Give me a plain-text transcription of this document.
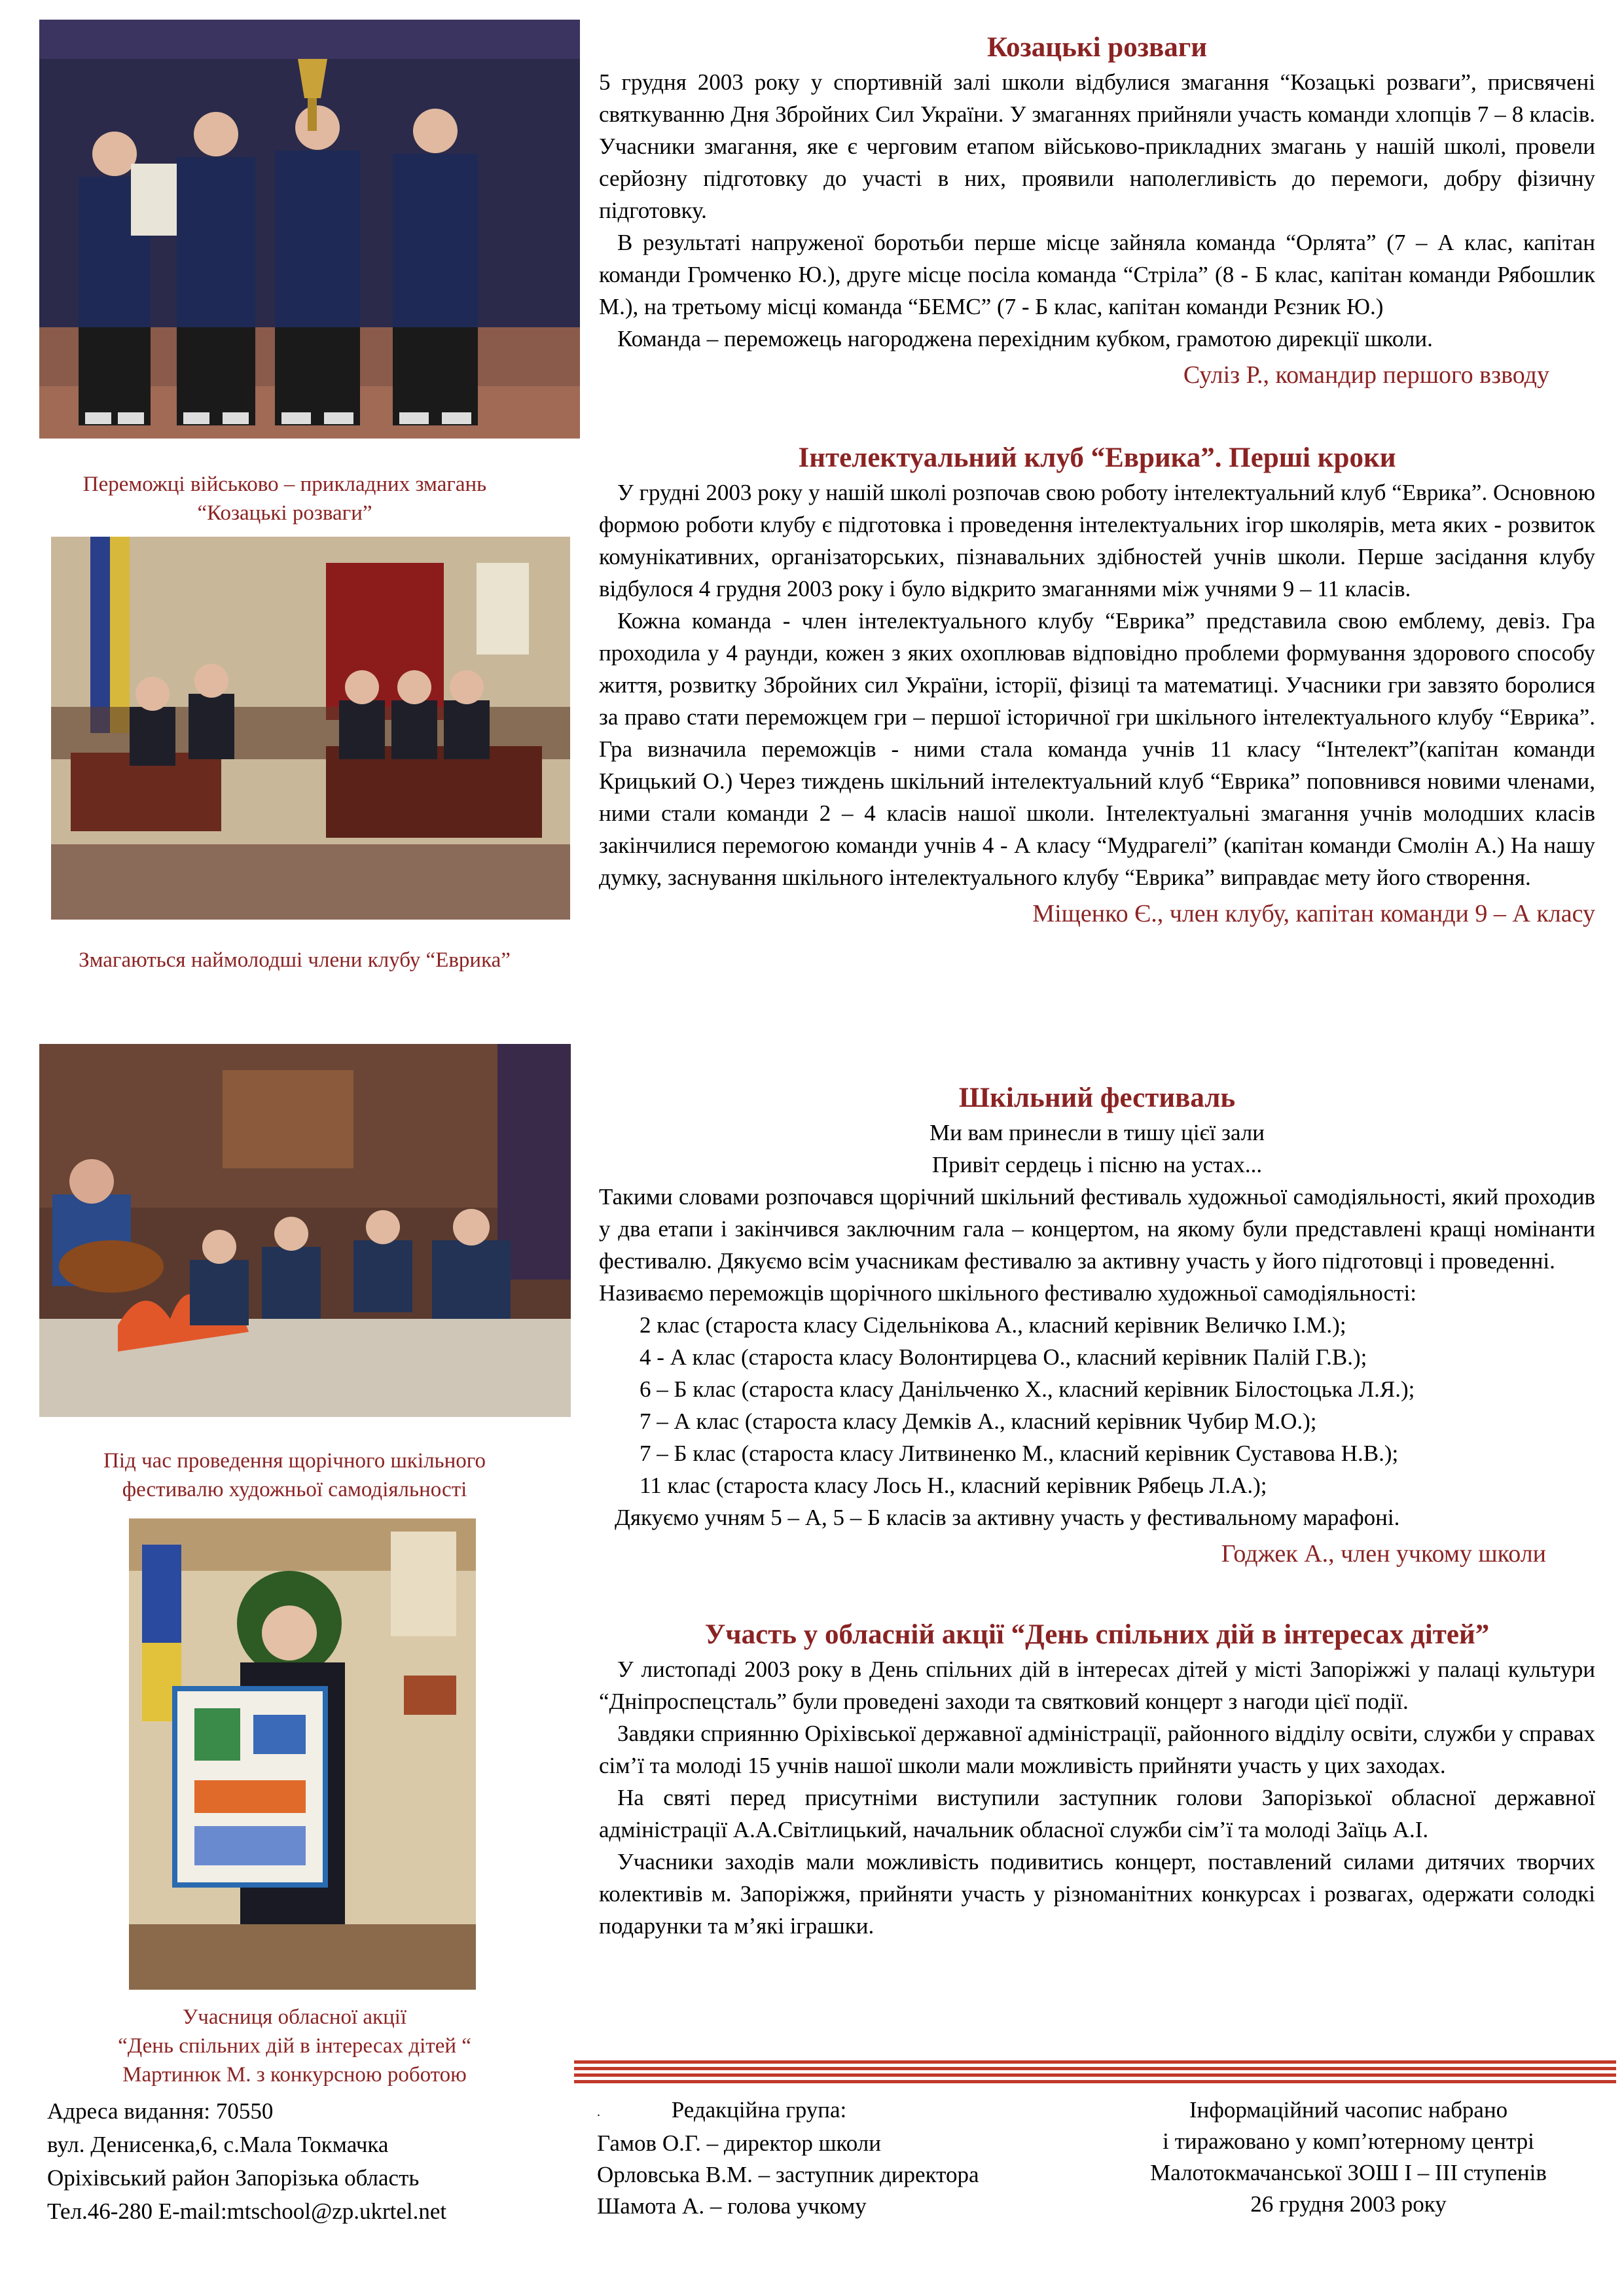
Переможці військово – прикладних змагань
“Козацькі розваги”
Змагаються наймолодші члени клубу “Еврика”
Під час проведення щорічного шкільного
фестивалю художньої самодіяльності
Учасниця обласної акції
“День спільних дій в інтересах дітей “
Мартинюк М. з конкурсною роботою
Козацькі розваги

5 грудня 2003 року у спортивній залі школи відбулися змагання “Козацькі розваги”, присвячені святкуванню Дня Збройних Сил України. У змаганнях прийняли участь команди хлопців 7 – 8 класів. Учасники змагання, яке є черговим етапом військово-прикладних змагань у нашій школі, провели серйозну підготовку до участі в них, проявили наполегливість до перемоги, добру фізичну підготовку.

В результаті напруженої боротьби перше місце зайняла команда “Орлята” (7 – А клас, капітан команди Громченко Ю.), друге місце посіла команда “Стріла” (8 - Б клас, капітан команди Рябошлик М.), на третьому місці команда “БЕМС” (7 - Б клас, капітан команди Рєзник Ю.)

Команда – переможець нагороджена перехідним кубком, грамотою дирекції школи.

Суліз Р., командир першого взводу
Інтелектуальний клуб “Еврика”. Перші кроки

У грудні 2003 року у нашій школі розпочав свою роботу інтелектуальний клуб “Еврика”. Основною формою роботи клубу є підготовка і проведення інтелектуальних ігор школярів, мета яких - розвиток комунікативних, організаторських, пізнавальних здібностей учнів школи. Перше засідання клубу відбулося 4 грудня 2003 року і було відкрито змаганнями між учнями 9 – 11 класів.

Кожна команда - член інтелектуального клубу “Еврика” представила свою емблему, девіз. Гра проходила у 4 раунди, кожен з яких охоплював відповідно проблеми формування здорового способу життя, розвитку Збройних сил України, історії, фізиці та математиці. Учасники гри завзято боролися за право стати переможцем гри – першої історичної гри шкільного інтелектуального клубу “Еврика”. Гра визначила переможців - ними стала команда учнів 11 класу “Інтелект”(капітан команди Крицький О.) Через тиждень шкільний інтелектуальний клуб “Еврика” поповнився новими членами, ними стали команди 2 – 4 класів нашої школи. Інтелектуальні змагання учнів молодших класів закінчилися перемогою команди учнів 4 - А класу “Мудрагелі” (капітан команди Смолін А.) На нашу думку, заснування шкільного інтелектуального клубу “Еврика” виправдає мету його створення.

Міщенко Є., член клубу, капітан команди 9 – А класу
Шкільний фестиваль
Ми вам принесли в тишу цієї зали
Привіт сердець і пісню на устах...

Такими словами розпочався щорічний шкільний фестиваль художньої самодіяльності, який проходив у два етапи і закінчився заключним гала – концертом, на якому були представлені кращі номінанти фестивалю. Дякуємо всім учасникам фестивалю за активну участь у його підготовці і проведенні.

Називаємо переможців щорічного шкільного фестивалю художньої самодіяльності:
2 клас (староста класу Сідельнікова А., класний керівник Величко І.М.);
4 - А клас (староста класу Волонтирцева О., класний керівник Палій Г.В.);
6 – Б клас (староста класу Данільченко Х., класний керівник Білостоцька Л.Я.);
7 – А клас (староста класу Демків А., класний керівник Чубир М.О.);
7 – Б клас (староста класу Литвиненко М., класний керівник Суставова Н.В.);
11 клас (староста класу Лось Н., класний керівник Рябець Л.А.);
Дякуємо учням 5 – А, 5 – Б класів за активну участь у фестивальному марафоні.
Годжек А., член учкому школи
Участь у обласній акції “День спільних дій в інтересах дітей”

У листопаді 2003 року в День спільних дій в інтересах дітей у місті Запоріжжі у палаці культури “Дніпроспецсталь” були проведені заходи та святковий концерт з нагоди цієї події.

Завдяки сприянню Оріхівської державної адміністрації, районного відділу освіти, служби у справах сім’ї та молоді 15 учнів нашої школи мали можливість прийняти участь у цих заходах.

На святі перед присутніми виступили заступник голови Запорізької обласної державної адміністрації А.А.Світлицький, начальник обласної служби сім’ї та молоді Заїць А.І.

Учасники заходів мали можливість подивитись концерт, поставлений силами дитячих творчих колективів м. Запоріжжя, прийняти участь у різноманітних конкурсах і розвагах, одержати солодкі подарунки та м’які іграшки.

Адреса видання: 70550
вул. Денисенка,6, с.Мала Токмачка
Оріхівський район Запорізька область
Тел.46-280 E-mail:mtschool@zp.ukrtel.net
.	Редакційна група:
Гамов О.Г. – директор школи
Орловська В.М. – заступник директора
Шамота А. – голова учкому
Інформаційний часопис набрано
і тиражовано у комп’ютерному центрі
Малотокмачанської ЗОШ І – ІІІ ступенів
26 грудня 2003 року
